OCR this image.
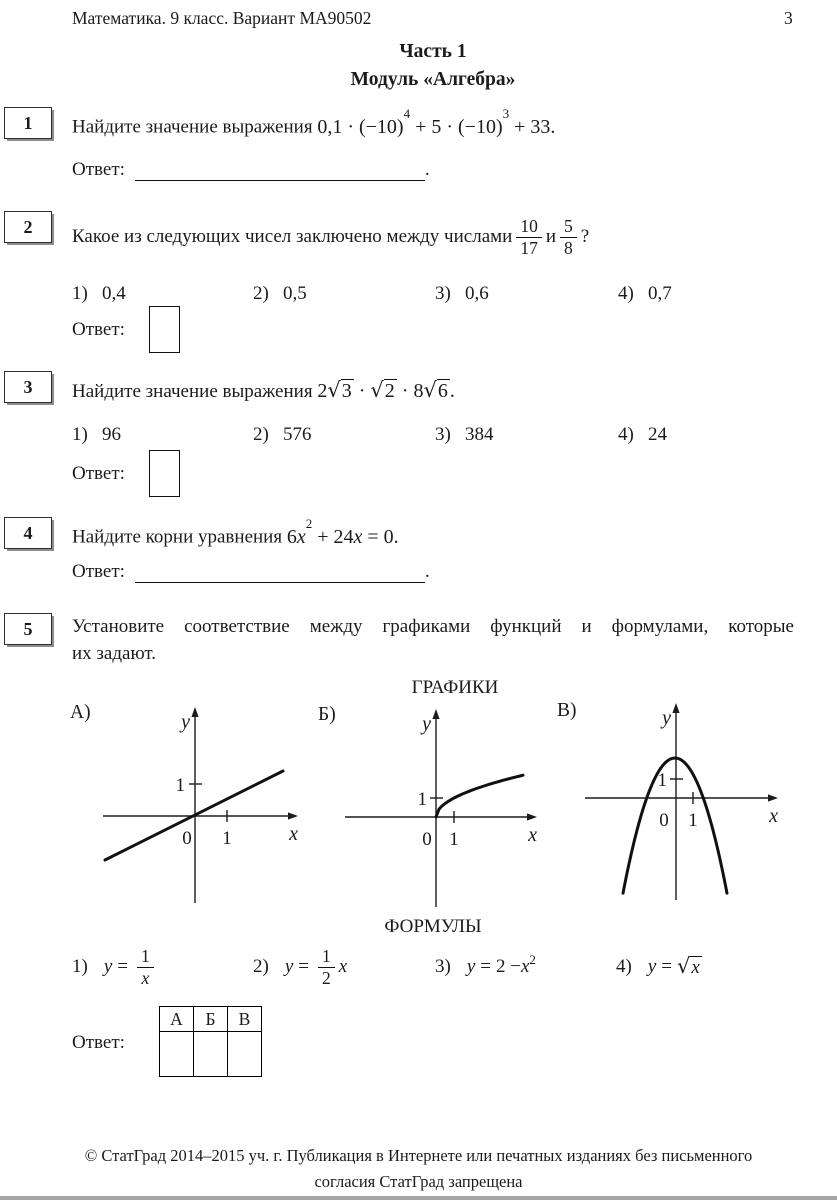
Математика. 9 класс. Вариант МА90502	3
Часть 1
Модуль «Алгебра»
1	Найдите значение выражения $0,1 \cdot (-10)^4 + 5 \cdot (-10)^3 + 33$.
Ответ:
	.
2	Какое из следующих чисел заключено между числами $\frac{10}{17}$ и $\frac{5}{8}$ ?
1) 0,4	2) 0,5	3) 0,6	4) 0,7
Ответ:
3	Найдите значение выражения 2√3 · √2 · 8√6 .
1) 96	2) 576	3) 384	4) 24
Ответ:
4	Найдите корни уравнения $6x^2 + 24x = 0$.
Ответ:
	.
5	Установите соответствие между графиками функций и формулами, которые
их задают.
ГРАФИКИ
А)	Б)	В)
1
1
0
y
x
1
1
0
y
x
1
1
0
y
x
ФОРМУЛЫ
1) $y = \frac{1}{x}$	2) $y = \frac{1}{2}$ x	3) $y = 2 - x^2$	4) y = √x
Ответ:
А	Б	В

© СтатГрад 2014–2015 уч. г. Публикация в Интернете или печатных изданиях без письменного
согласия СтатГрад запрещена
